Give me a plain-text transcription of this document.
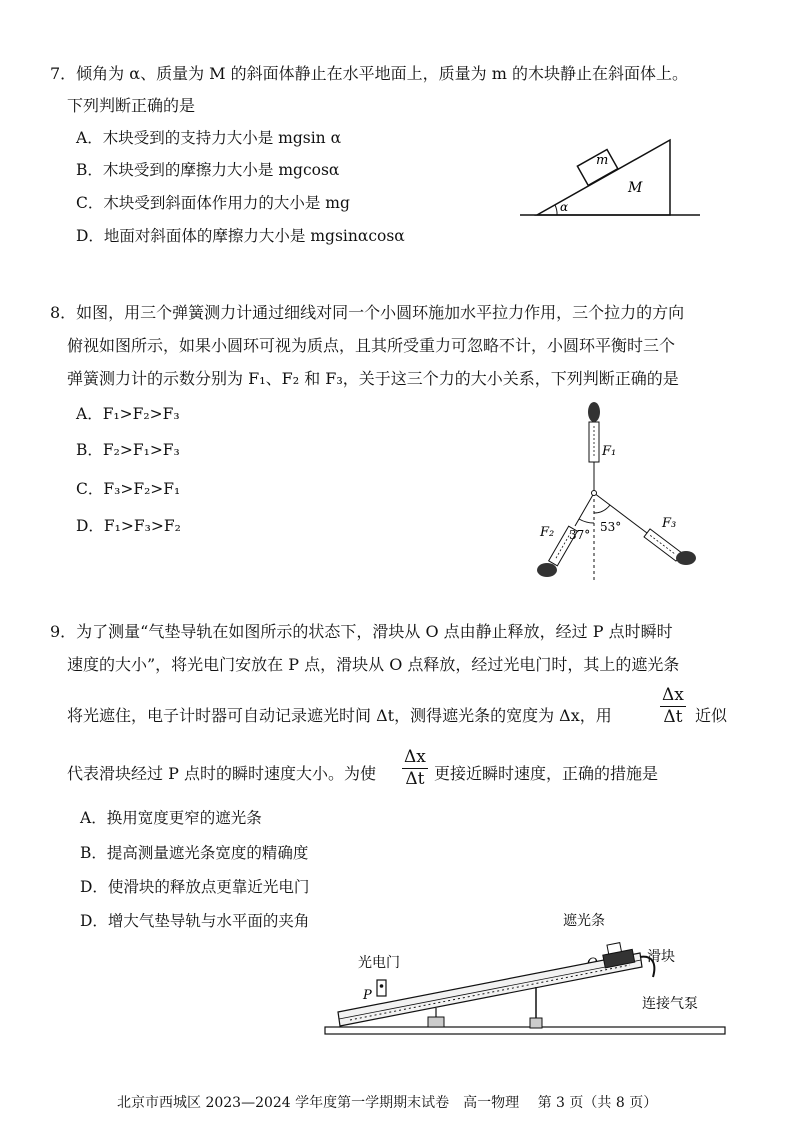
7．倾角为 α、质量为 M 的斜面体静止在水平地面上，质量为 m 的木块静止在斜面体上。
下列判断正确的是
A．木块受到的支持力大小是 mgsin α
B．木块受到的摩擦力大小是 mgcosα
C．木块受到斜面体作用力的大小是 mg
D．地面对斜面体的摩擦力大小是 mgsinαcosα
m
M
α
8．如图，用三个弹簧测力计通过细线对同一个小圆环施加水平拉力作用，三个拉力的方向
俯视如图所示，如果小圆环可视为质点，且其所受重力可忽略不计，小圆环平衡时三个
弹簧测力计的示数分别为 F₁、F₂ 和 F₃，关于这三个力的大小关系，下列判断正确的是
A．F₁>F₂>F₃
B．F₂>F₁>F₃
C．F₃>F₂>F₁
D．F₁>F₃>F₂
F₁
F₂
F₃
37°
53°
9．为了测量“气垫导轨在如图所示的状态下，滑块从 O 点由静止释放，经过 P 点时瞬时
速度的大小”，将光电门安放在 P 点，滑块从 O 点释放，经过光电门时，其上的遮光条
将光遮住，电子计时器可自动记录遮光时间 Δt，测得遮光条的宽度为 Δx，用	$\frac{\Delta x}{\Delta t}$ 近似
代表滑块经过 P 点时的瞬时速度大小。为使 $\frac{\Delta x}{\Delta t}$ 更接近瞬时速度，正确的措施是
A．换用宽度更窄的遮光条
B．提高测量遮光条宽度的精确度
D．使滑块的释放点更靠近光电门
D．增大气垫导轨与水平面的夹角	遮光条
滑块
光电门
P
连接气泵
北京市西城区 2023—2024 学年度第一学期期末试卷　高一物理　 第 3 页（共 8 页）
